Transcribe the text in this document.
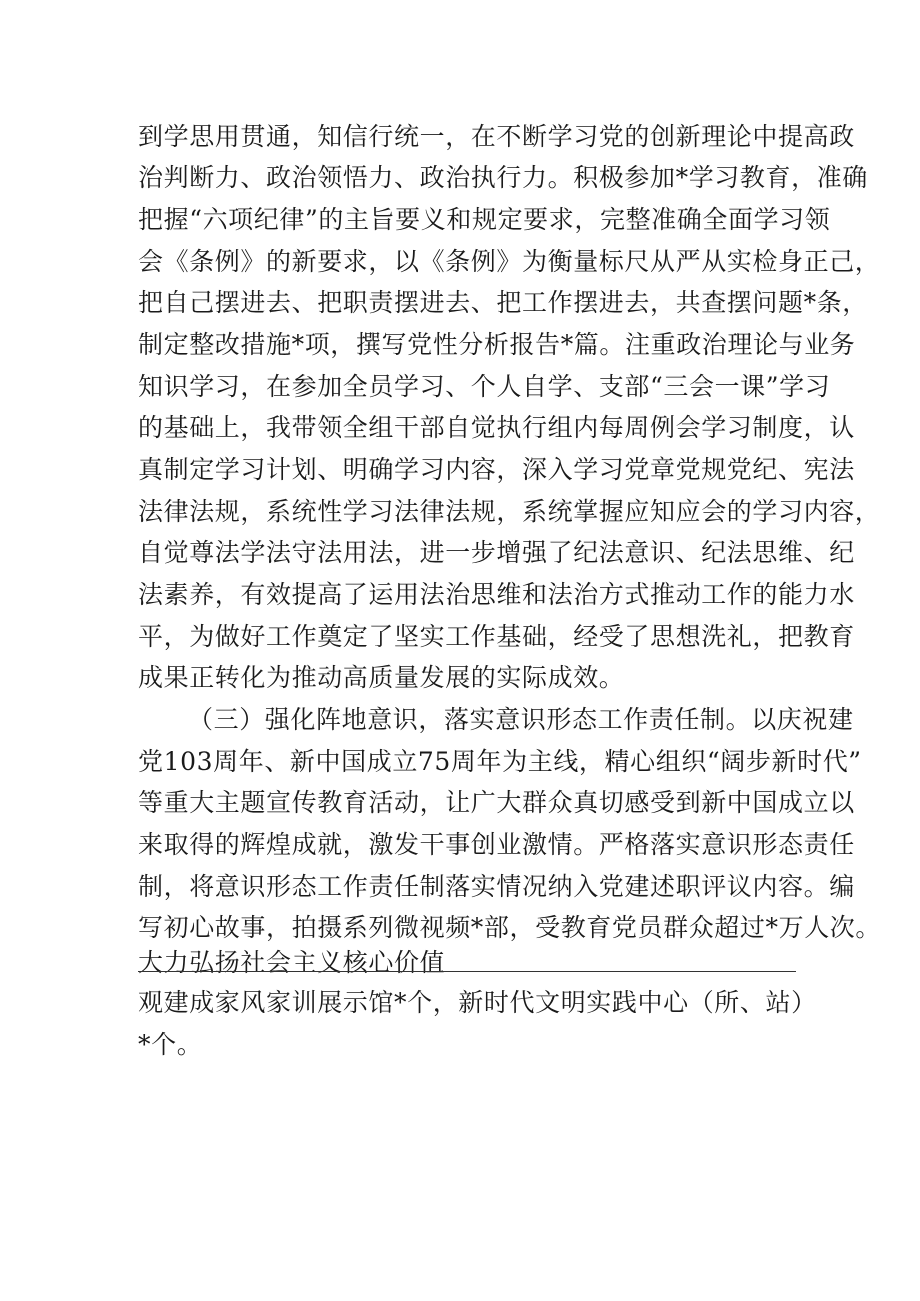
到学思用贯通，知信行统一，在不断学习党的创新理论中提高政
治判断力、政治领悟力、政治执行力。积极参加*学习教育，准确
把握“六项纪律”的主旨要义和规定要求，完整准确全面学习领
会《条例》的新要求，以《条例》为衡量标尺从严从实检身正己，
把自己摆进去、把职责摆进去、把工作摆进去，共查摆问题*条，
制定整改措施*项，撰写党性分析报告*篇。注重政治理论与业务
知识学习，在参加全员学习、个人自学、支部“三会一课”学习
的基础上，我带领全组干部自觉执行组内每周例会学习制度，认
真制定学习计划、明确学习内容，深入学习党章党规党纪、宪法
法律法规，系统性学习法律法规，系统掌握应知应会的学习内容，
自觉尊法学法守法用法，进一步增强了纪法意识、纪法思维、纪
法素养，有效提高了运用法治思维和法治方式推动工作的能力水
平，为做好工作奠定了坚实工作基础，经受了思想洗礼，把教育
成果正转化为推动高质量发展的实际成效。
（三）强化阵地意识，落实意识形态工作责任制。以庆祝建
党103周年、新中国成立75周年为主线，精心组织“阔步新时代”
等重大主题宣传教育活动，让广大群众真切感受到新中国成立以
来取得的辉煌成就，激发干事创业激情。严格落实意识形态责任
制，将意识形态工作责任制落实情况纳入党建述职评议内容。编
写初心故事，拍摄系列微视频*部，受教育党员群众超过*万人次。
大力弘扬社会主义核心价值
观建成家风家训展示馆*个，新时代文明实践中心（所、站）
*个。
